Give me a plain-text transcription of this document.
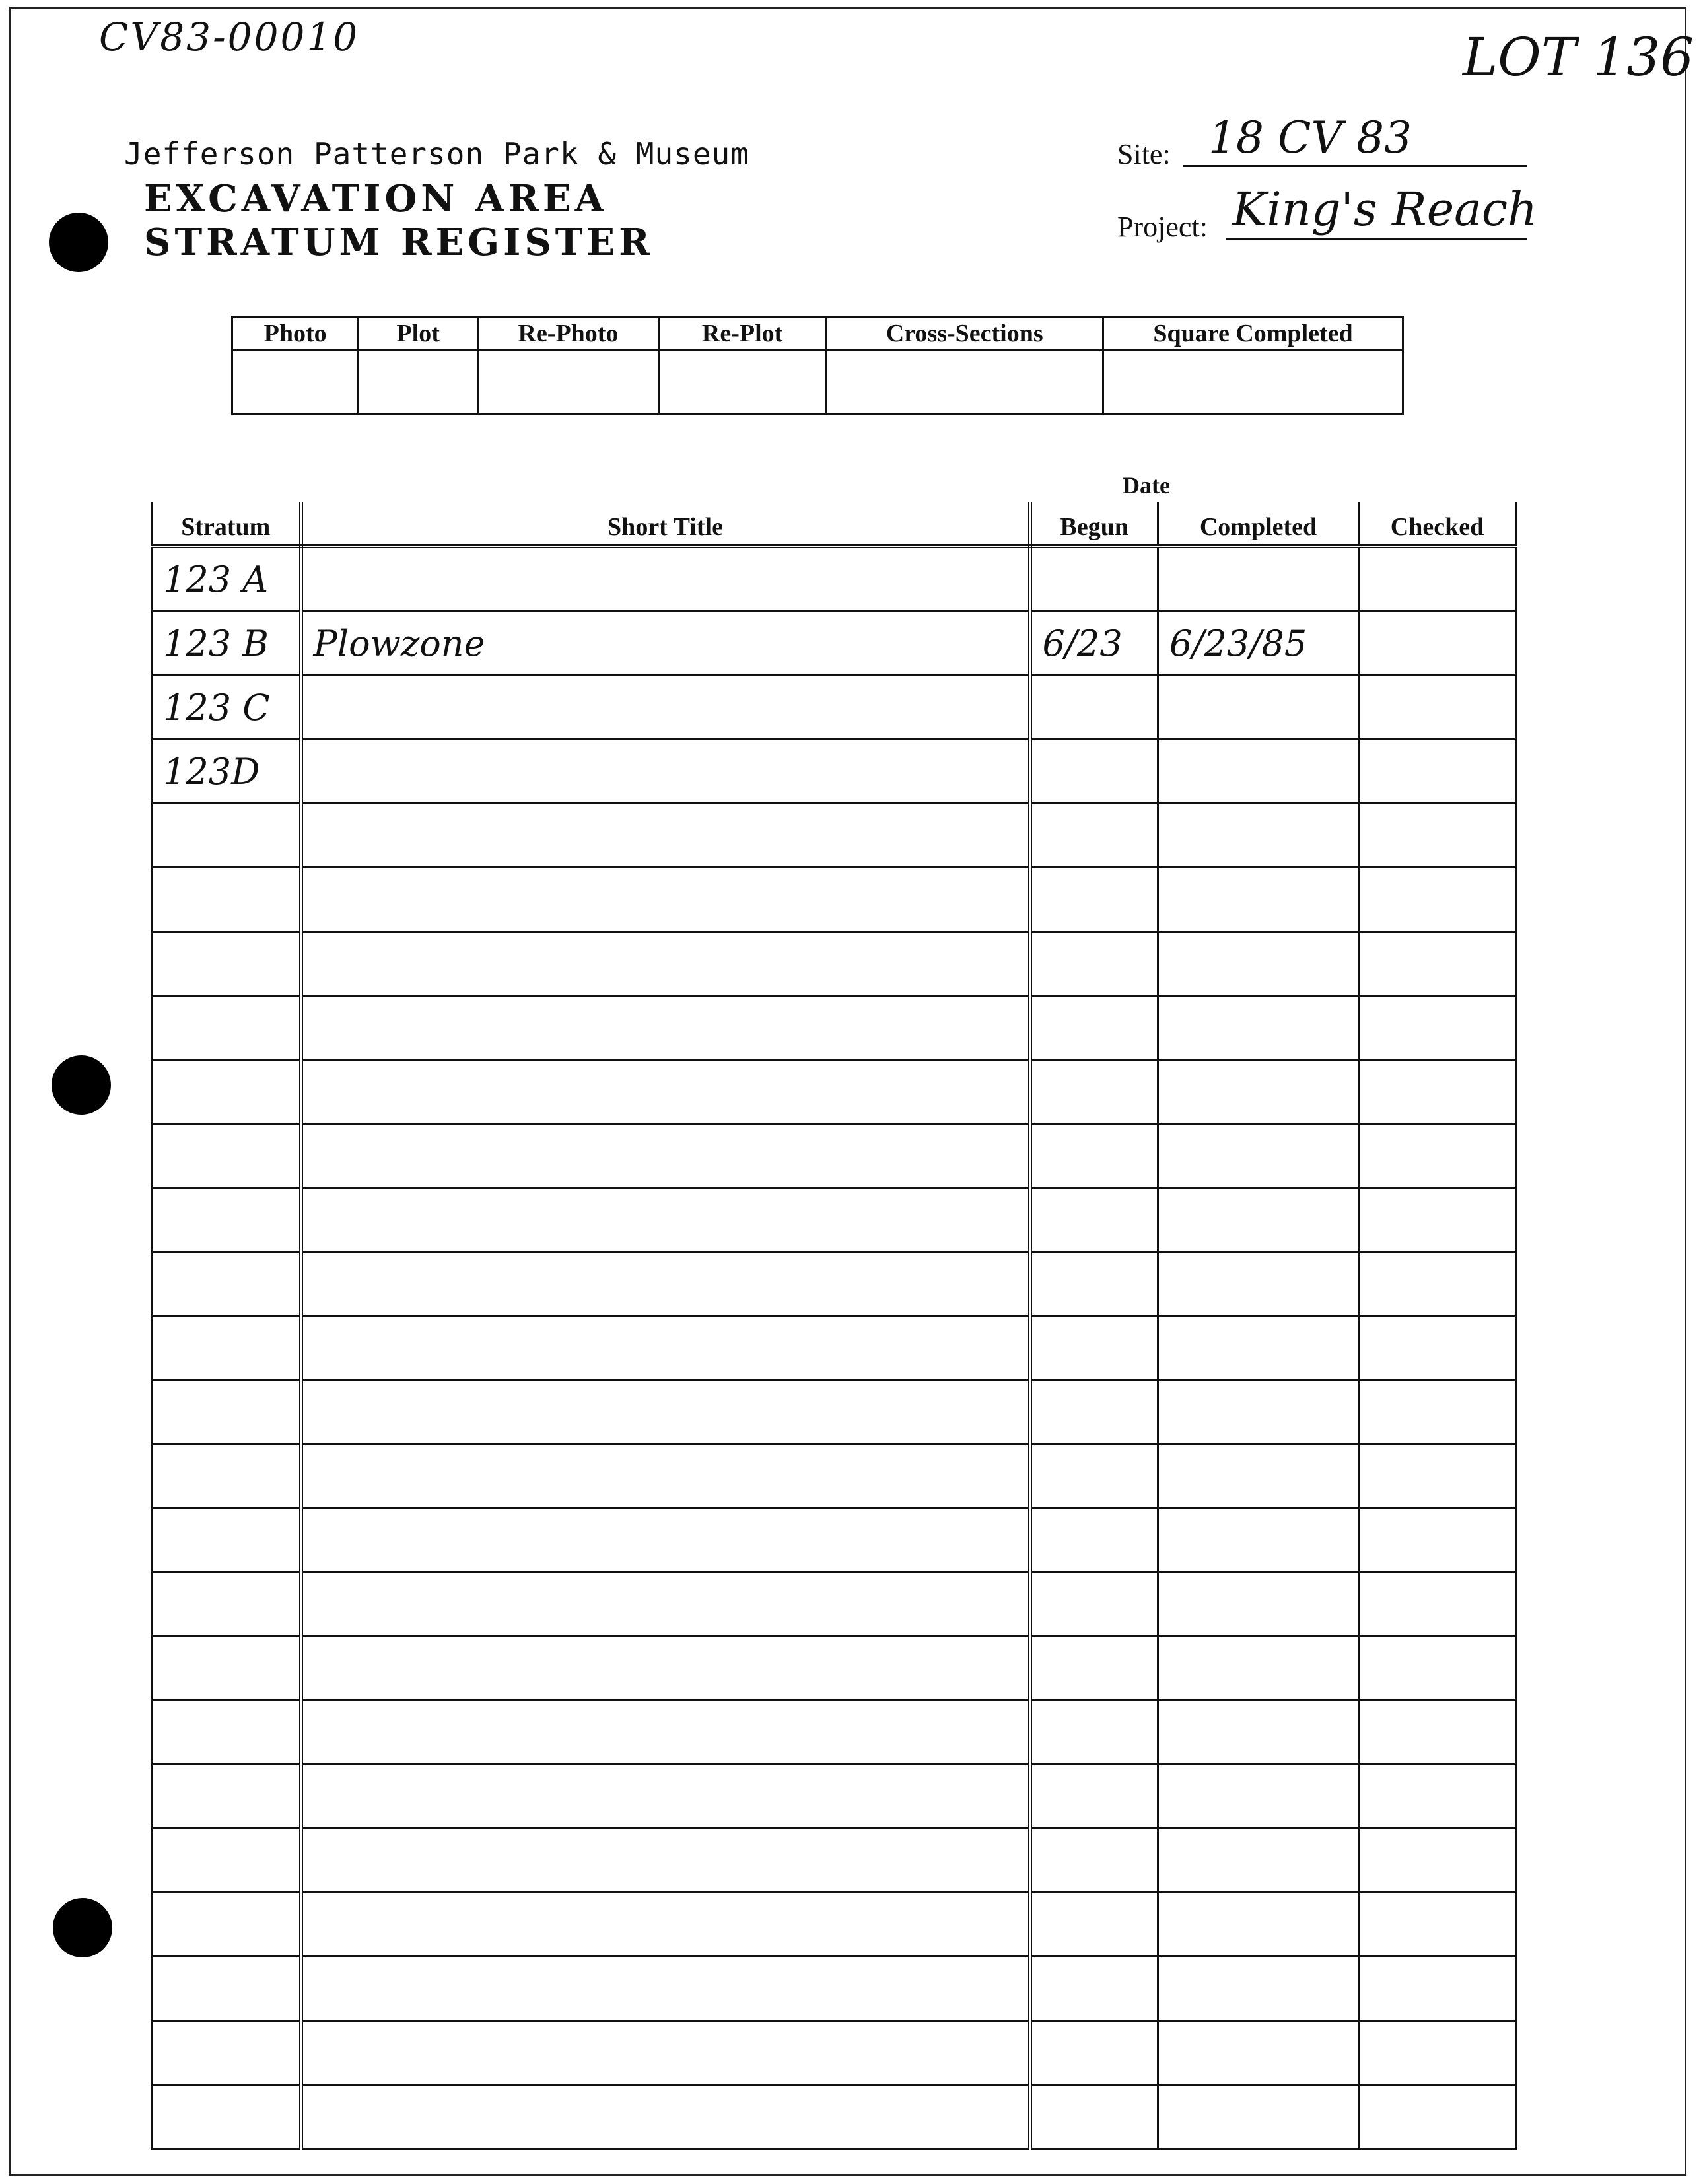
CV83-00010	LOT 136
Jefferson Patterson Park & Museum
EXCAVATION AREA
STRATUM REGISTER
Site: 18 CV 83
Project: King's Reach
Photo	Plot	Re-Photo	Re-Plot	Cross-Sections	Square Completed

Date
Stratum	Short Title	Begun	Completed	Checked
123 A				
123 B	Plowzone	6/23	6/23/85	
123 C				
123D				
